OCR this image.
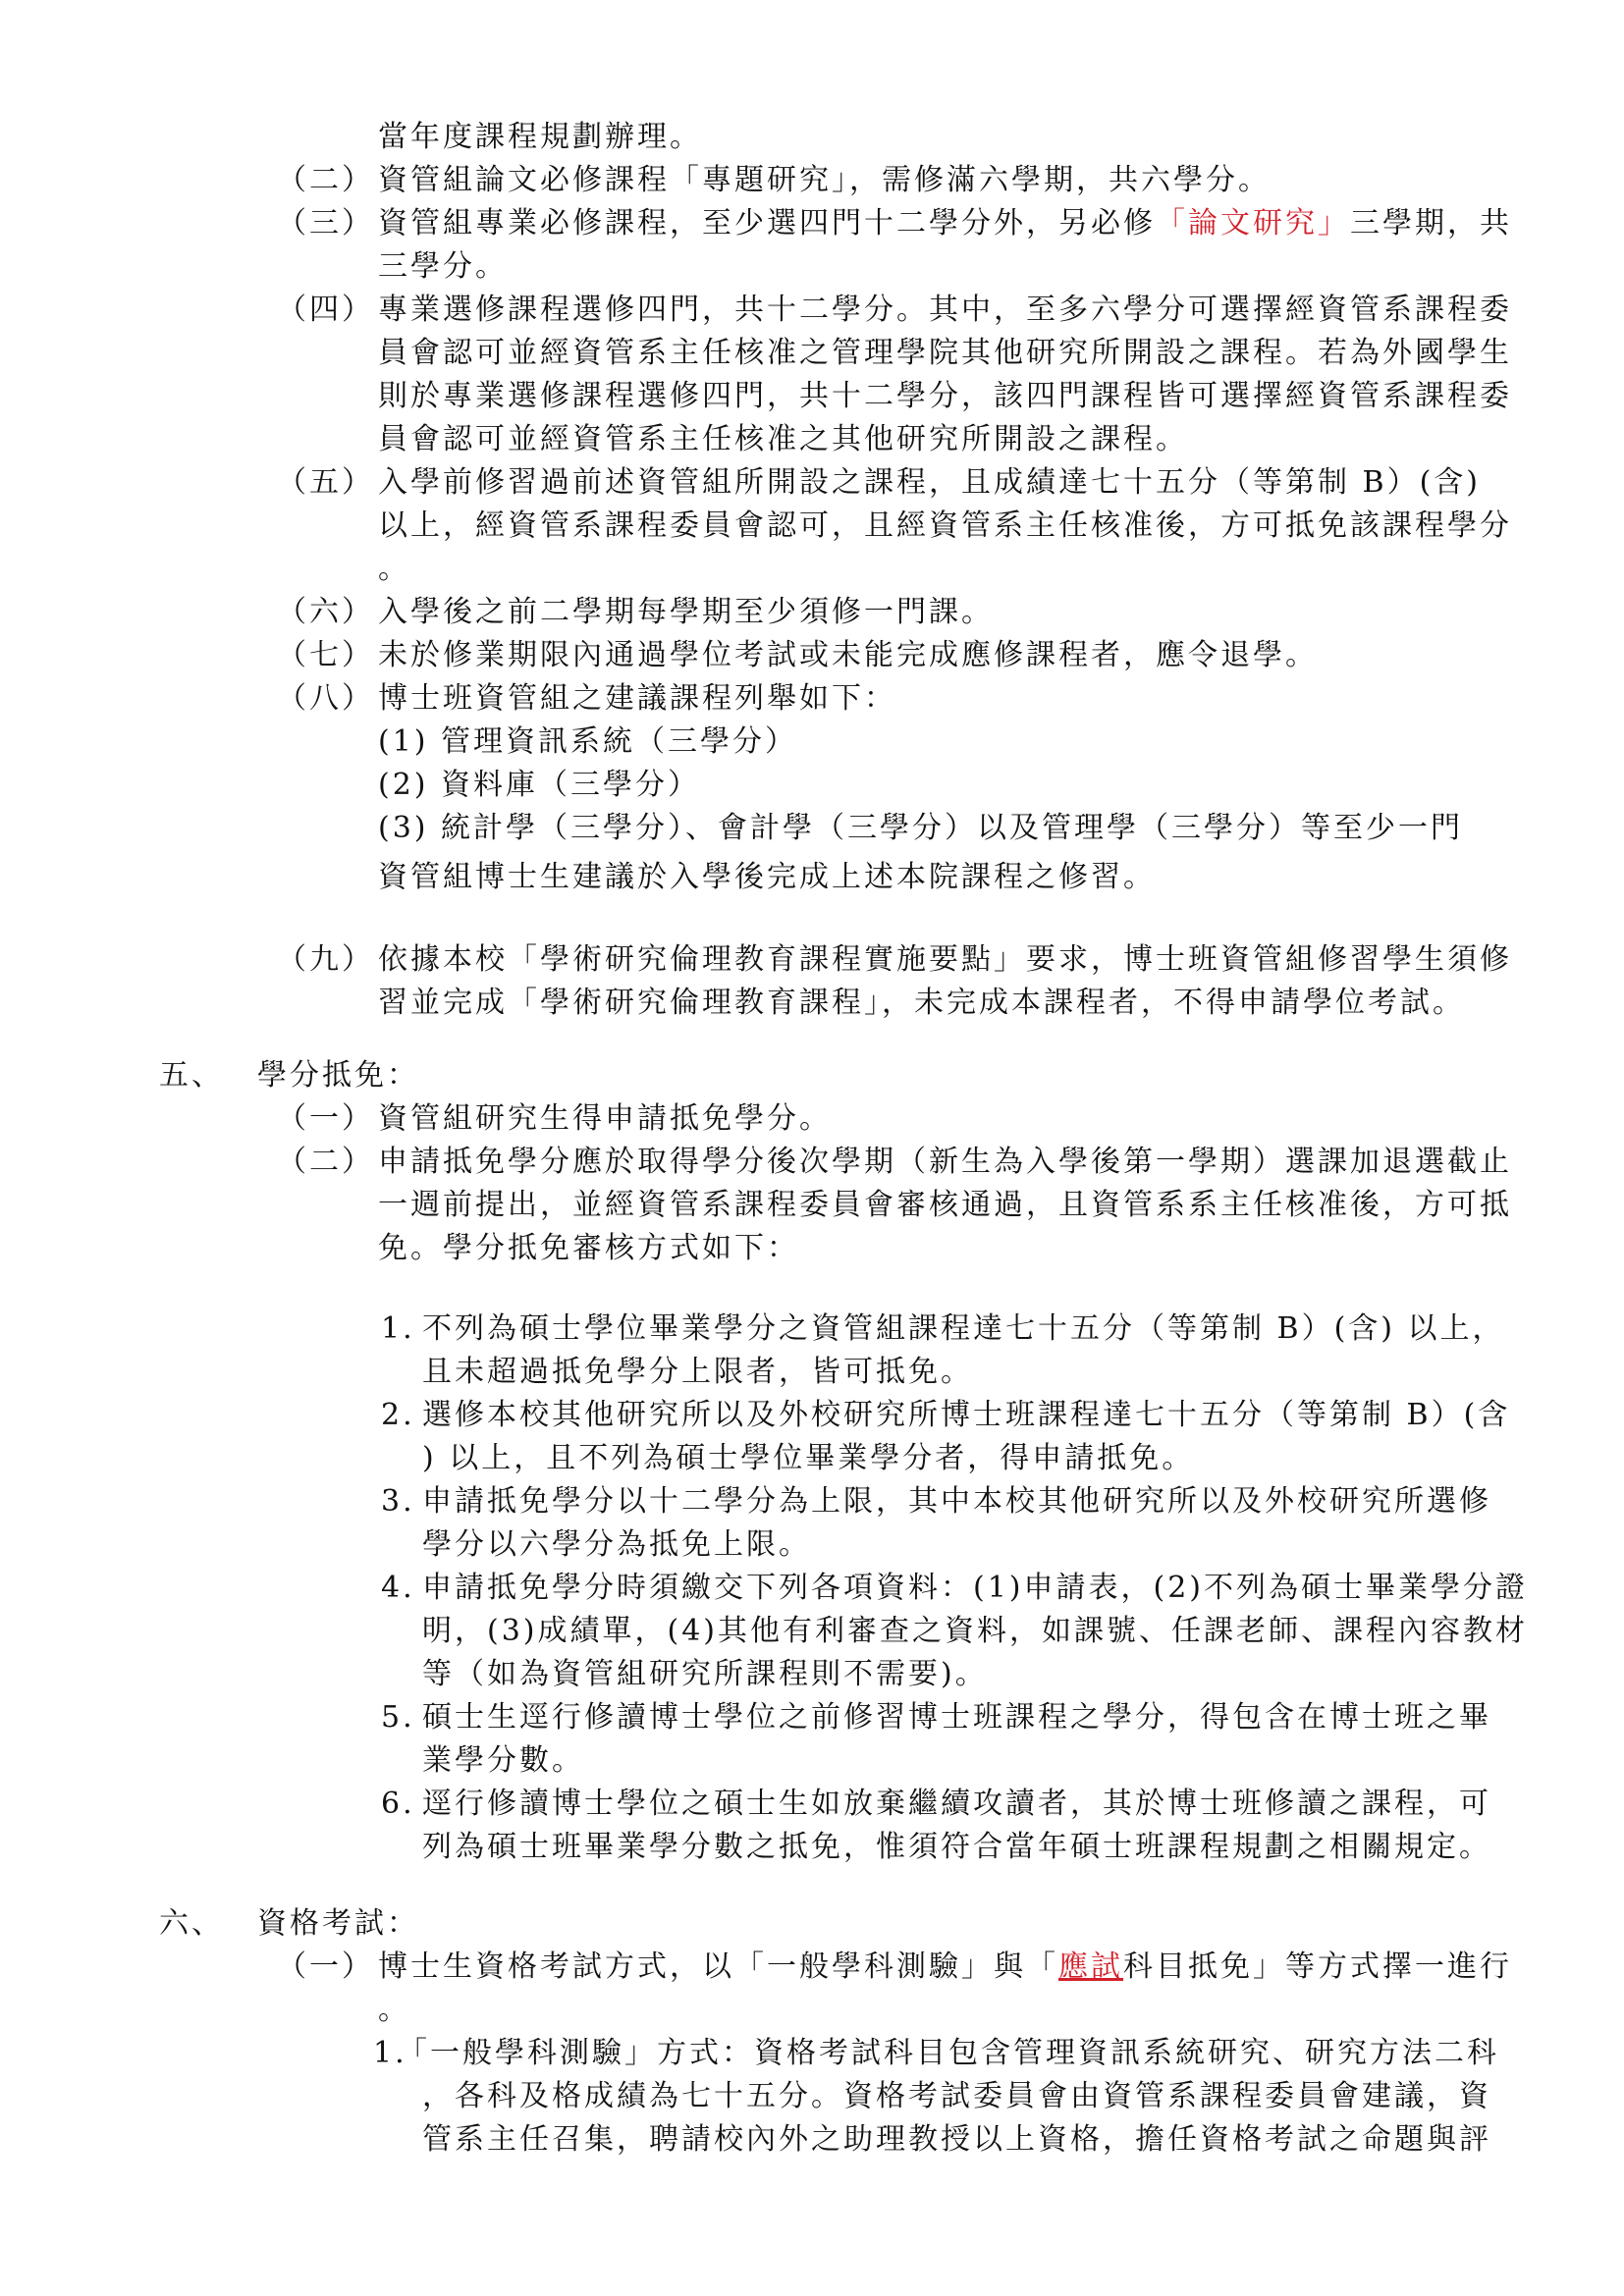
當年度課程規劃辦理。
（二） 資管組論文必修課程「專題研究」，需修滿六學期，共六學分。
（三） 資管組專業必修課程，至少選四門十二學分外，另必修「論文研究」三學期，共
三學分。
（四） 專業選修課程選修四門，共十二學分。其中，至多六學分可選擇經資管系課程委
員會認可並經資管系主任核准之管理學院其他研究所開設之課程。若為外國學生
則於專業選修課程選修四門，共十二學分，該四門課程皆可選擇經資管系課程委
員會認可並經資管系主任核准之其他研究所開設之課程。
（五） 入學前修習過前述資管組所開設之課程，且成績達七十五分（等第制 B）(含)
以上，經資管系課程委員會認可，且經資管系主任核准後，方可抵免該課程學分
。
（六） 入學後之前二學期每學期至少須修一門課。
（七） 未於修業期限內通過學位考試或未能完成應修課程者，應令退學。
（八） 博士班資管組之建議課程列舉如下：
(1) 管理資訊系統（三學分）
(2) 資料庫（三學分）
(3) 統計學（三學分）、會計學（三學分）以及管理學（三學分）等至少一門
資管組博士生建議於入學後完成上述本院課程之修習。
（九） 依據本校「學術研究倫理教育課程實施要點」要求，博士班資管組修習學生須修
習並完成「學術研究倫理教育課程」，未完成本課程者，不得申請學位考試。
五、 學分抵免：
（一） 資管組研究生得申請抵免學分。
（二） 申請抵免學分應於取得學分後次學期（新生為入學後第一學期）選課加退選截止
一週前提出，並經資管系課程委員會審核通過，且資管系系主任核准後，方可抵
免。學分抵免審核方式如下：
1. 不列為碩士學位畢業學分之資管組課程達七十五分（等第制 B）(含) 以上，
且未超過抵免學分上限者，皆可抵免。
2. 選修本校其他研究所以及外校研究所博士班課程達七十五分（等第制 B）(含
) 以上，且不列為碩士學位畢業學分者，得申請抵免。
3. 申請抵免學分以十二學分為上限，其中本校其他研究所以及外校研究所選修
學分以六學分為抵免上限。
4. 申請抵免學分時須繳交下列各項資料：(1)申請表，(2)不列為碩士畢業學分證
明，(3)成績單，(4)其他有利審查之資料，如課號、任課老師、課程內容教材
等（如為資管組研究所課程則不需要)。
5. 碩士生逕行修讀博士學位之前修習博士班課程之學分，得包含在博士班之畢
業學分數。
6. 逕行修讀博士學位之碩士生如放棄繼續攻讀者，其於博士班修讀之課程，可
列為碩士班畢業學分數之抵免，惟須符合當年碩士班課程規劃之相關規定。
六、 資格考試：
（一） 博士生資格考試方式，以「一般學科測驗」與「應試科目抵免」等方式擇一進行
。
1.
「一般學科測驗」方式：資格考試科目包含管理資訊系統研究、研究方法二科
，各科及格成績為七十五分。資格考試委員會由資管系課程委員會建議，資
管系主任召集，聘請校內外之助理教授以上資格，擔任資格考試之命題與評
